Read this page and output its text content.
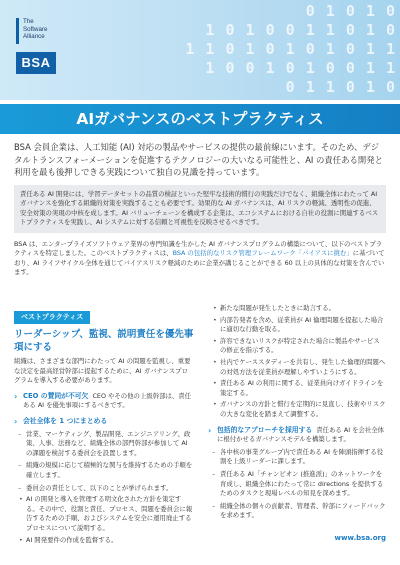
0 1 0 1 0
1 0 1 0 0 1 1 0 1 0
1 1 0 1 0 1 0 1 0 1 1
1 0 0 1 0 1 0 0 1 1
0 1 1 0 1 0
The
Software
Alliance
BSA
AIガバナンスのベストプラクティス

BSA 会員企業は、人工知能 (AI) 対応の製品やサービスの提供の最前線にいます。そのため、デジタルトランスフォーメーションを促進するテクノロジーの大いなる可能性と、AI の責任ある開発と利用を最も後押しできる実践について独自の見識を持っています。

責任ある AI 開発には、学習データセットの品質の検証といった堅牢な技術的慣行の実践だけでなく、組織全体にわたって AI ガバナンスを強化する組織的対策を実践することも必要です。効果的な AI ガバナンスは、AI リスクの軽減、透明性の促進、安全対策の実現の中核を成します。AI バリューチェーンを構成する企業は、エコシステムにおける自社の役割に関連するベストプラクティスを実践し、AI システムに対する信頼と可視性を反映させるべきです。

BSA は、エンタープライズソフトウェア業界の専門知識を生かした AI ガバナンスプログラムの構築について、以下のベストプラクティスを特定しました。このベストプラクティスは、BSA の包括的なリスク管理フレームワーク「バイアスに挑む」に基づいており、AI ライフサイクル全体を通じてバイアスリスク軽減のために企業が講じることができる 60 以上の具体的な対策を含んでいます。

ベストプラクティス
リーダーシップ、監視、説明責任を優先事項にする

組織は、さまざまな部門にわたって AI の問題を監視し、重要な決定を最高経営幹部に提起するために、AI ガバナンスプログラムを導入する必要があります。

› CEO の賛同が不可欠 CEO やその他の上級幹部は、責任ある AI を優先事項にするべきです。

› 会社全体を 1 つにまとめる

– 営業、マーケティング、製品開発、エンジニアリング、政策、人事、法務など、組織全体の部門幹部が参加して AI の課題を検討する委員会を設置します。
– 組織の規模に応じて積極的な関与を維持するための手順を確立します。
– 委員会の責任として、以下のことが挙げられます。
• AI の開発と導入を管理する明文化された方針を策定する。その中で、役割と責任、プロセス、問題を委員会に報告するための手順、およびシステムを安全に運用廃止するプロセスについて説明する。
• AI 開発要件の作成を監督する。
• 新たな問題が発生したときに助言する。
• 内部告発者を含め、従業員が AI 倫理問題を提起した場合に適切な行動を取る。
• 許容できないリスクが特定された場合に製品やサービスの修正を指示する。
• 社内でケーススタディーを共有し、発生した倫理的問題への対処方法を従業員が理解しやすいようにする。
• 責任ある AI の利用に関する、従業員向けガイドラインを策定する。
• ガバナンスの方針と慣行を定期的に見直し、技術やリスクの大きな変化を踏まえて調整する。
› 包括的なアプローチを採用する 責任ある AI を会社全体に根付かせるガバナンスモデルを構築します。

– 各中核の事業グループ内で責任ある AI を陣頭指揮する役割を上級リーダーに課します。
– 責任ある AI「チャンピオン (推進派)」のネットワークを育成し、組織全体にわたって常に directions を提供するためのタスクと現場レベルの知見を深めます。
– 組織全体の個々の貢献者、管理者、幹部にフィードバックを求めます。
www.bsa.org
